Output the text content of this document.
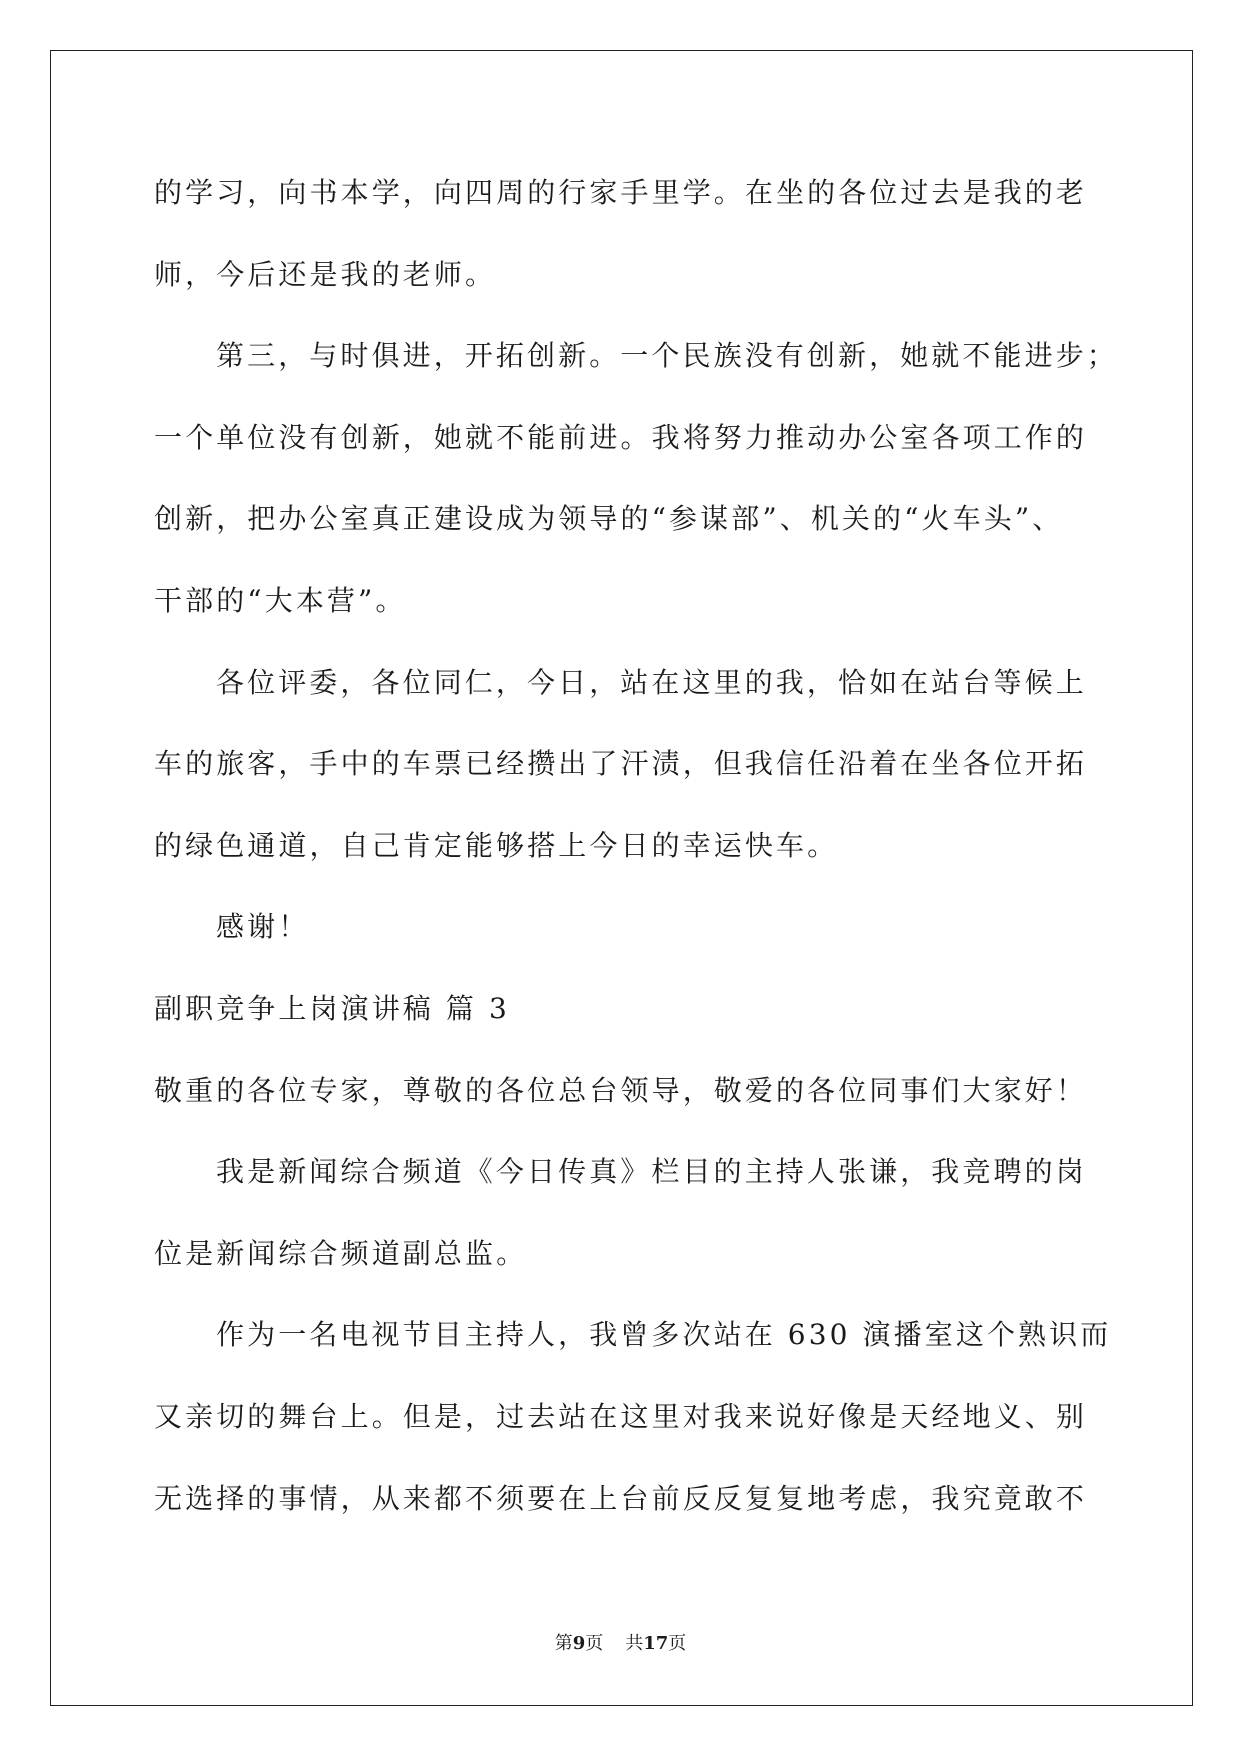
的学习，向书本学，向四周的行家手里学。在坐的各位过去是我的老
师，今后还是我的老师。
第三，与时俱进，开拓创新。一个民族没有创新，她就不能进步；
一个单位没有创新，她就不能前进。我将努力推动办公室各项工作的
创新，把办公室真正建设成为领导的“参谋部”、机关的“火车头”、
干部的“大本营”。
各位评委，各位同仁，今日，站在这里的我，恰如在站台等候上
车的旅客，手中的车票已经攒出了汗渍，但我信任沿着在坐各位开拓
的绿色通道，自己肯定能够搭上今日的幸运快车。
感谢！
副职竞争上岗演讲稿 篇 3
敬重的各位专家，尊敬的各位总台领导，敬爱的各位同事们大家好！
我是新闻综合频道《今日传真》栏目的主持人张谦，我竞聘的岗
位是新闻综合频道副总监。
作为一名电视节目主持人，我曾多次站在 630 演播室这个熟识而
又亲切的舞台上。但是，过去站在这里对我来说好像是天经地义、别
无选择的事情，从来都不须要在上台前反反复复地考虑，我究竟敢不
第9页 共17页
